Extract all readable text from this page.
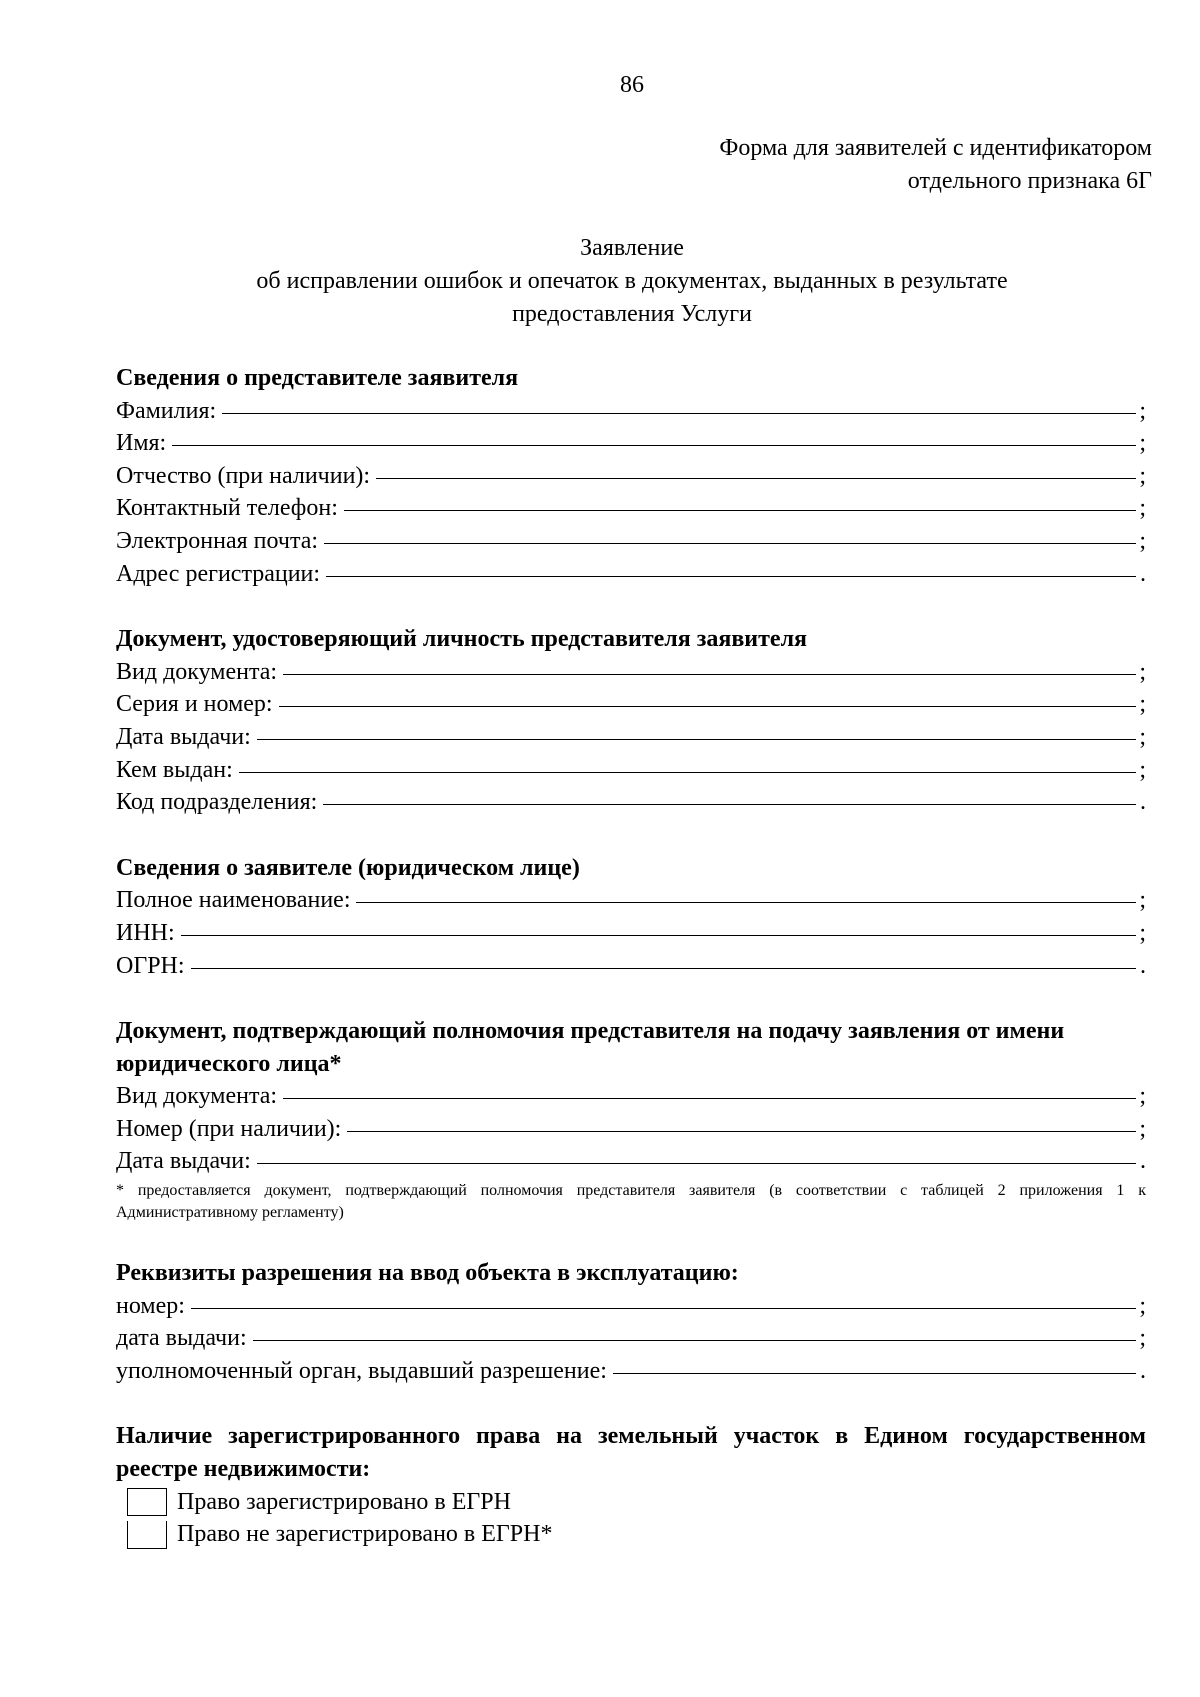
86
Форма для заявителей с идентификатором
отдельного признака 6Г
Заявление
об исправлении ошибок и опечаток в документах, выданных в результате
предоставления Услуги
Сведения о представителе заявителя
Фамилия:	;
Имя:	;
Отчество (при наличии):	;
Контактный телефон:	;
Электронная почта:	;
Адрес регистрации:	.
Документ, удостоверяющий личность представителя заявителя
Вид документа:	;
Серия и номер:	;
Дата выдачи:	;
Кем выдан:	;
Код подразделения:	.
Сведения о заявителе (юридическом лице)
Полное наименование:	;
ИНН:	;
ОГРН:	.
Документ, подтверждающий полномочия представителя на подачу заявления от имени юридического лица*
Вид документа:	;
Номер (при наличии):	;
Дата выдачи:	.
* предоставляется документ, подтверждающий полномочия представителя заявителя (в соответствии с таблицей 2 приложения 1 к Административному регламенту)
Реквизиты разрешения на ввод объекта в эксплуатацию:
номер:	;
дата выдачи:	;
уполномоченный орган, выдавший разрешение:	.
Наличие зарегистрированного права на земельный участок в Едином государственном реестре недвижимости:
Право зарегистрировано в ЕГРН
Право не зарегистрировано в ЕГРН*
